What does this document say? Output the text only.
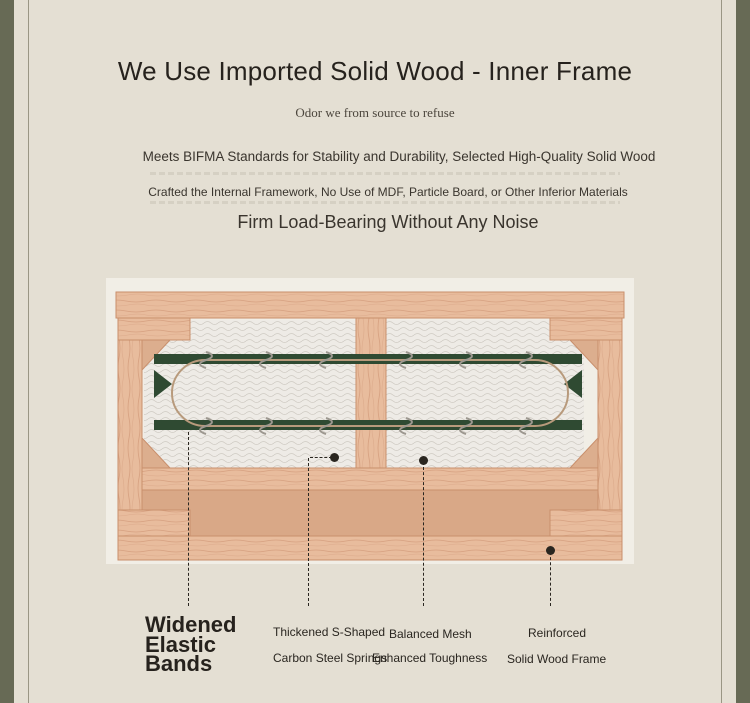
We Use Imported Solid Wood - Inner Frame
Odor we from source to refuse
Meets BIFMA Standards for Stability and Durability, Selected High-Quality Solid Wood
Crafted the Internal Framework, No Use of MDF, Particle Board, or Other Inferior Materials
Firm Load-Bearing Without Any Noise
Widened
Elastic
Bands
Thickened S-Shaped
Carbon Steel Springs
Balanced Mesh
Enhanced Toughness
Reinforced
Solid Wood Frame
